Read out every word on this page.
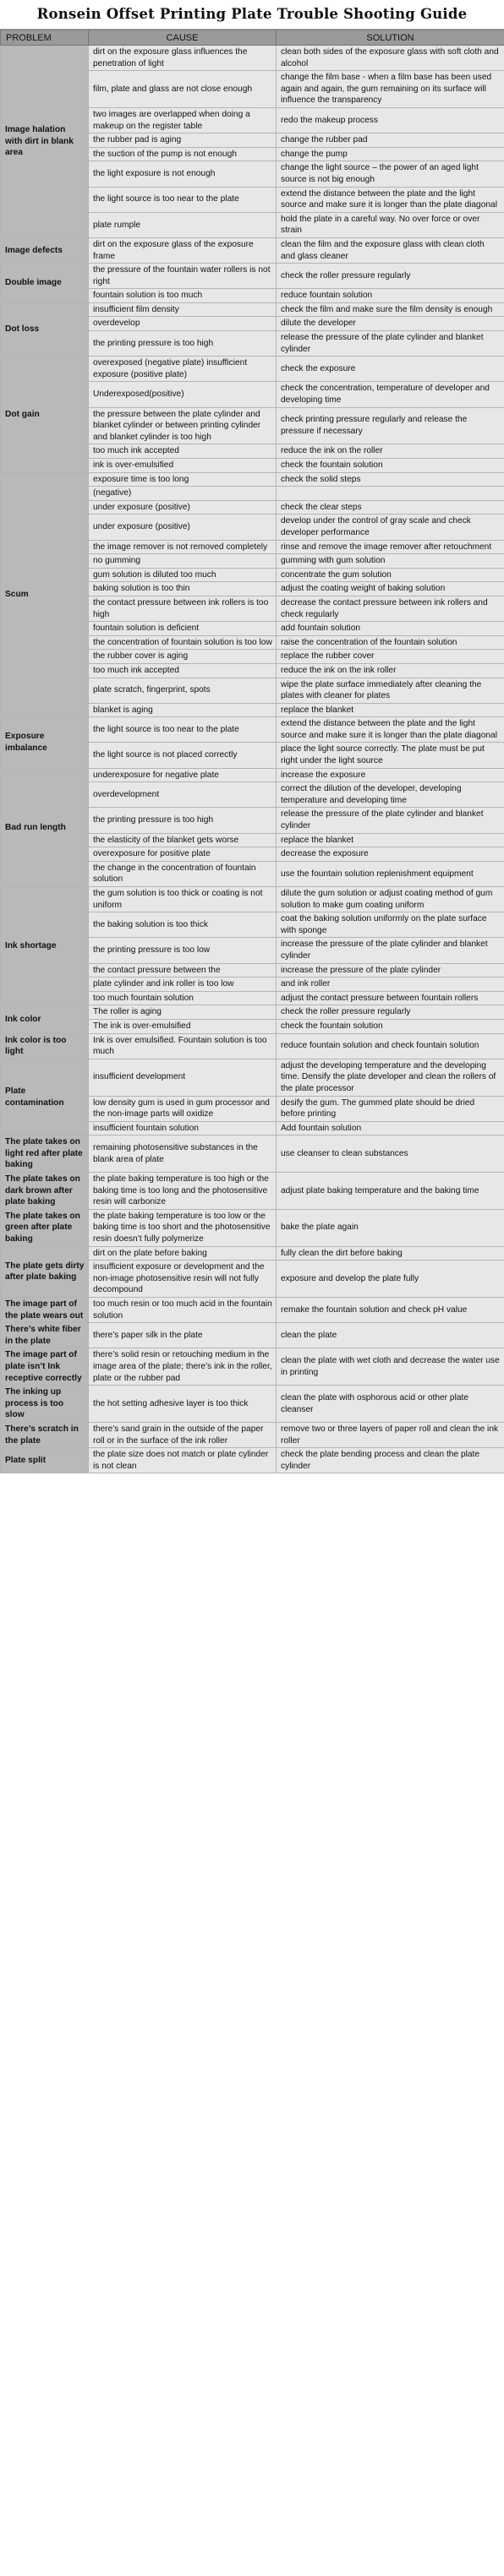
Ronsein Offset Printing Plate Trouble Shooting Guide
PROBLEM	CAUSE	SOLUTION
Image halation with dirt in blank area	dirt on the exposure glass influences the penetration of light	clean both sides of the exposure glass with soft cloth and alcohol
	film, plate and glass are not close enough	change the film base - when a film base has been used again and again, the gum remaining on its surface will influence the transparency
	two images are overlapped when doing a makeup on the register table	redo the makeup process
	the rubber pad is aging	change the rubber pad
	the suction of the pump is not enough	change the pump
	the light exposure is not enough	change the light source – the power of an aged light source is not big enough
	the light source is too near to the plate	extend the distance between the plate and the light source and make sure it is longer than the plate diagonal
	plate rumple	hold the plate in a careful way. No over force or over strain
Image defects	dirt on the exposure glass of the exposure frame	clean the film and the exposure glass with clean cloth and glass cleaner
Double image	the pressure of the fountain water rollers is not right	check the roller pressure regularly
	fountain solution is too much	reduce fountain solution
Dot loss	insufficient film density	check the film and make sure the film density is enough
	overdevelop	dilute the developer
	the printing pressure is too high	release the pressure of the plate cylinder and blanket cylinder
Dot gain	overexposed (negative plate) insufficient exposure (positive plate)	check the exposure
	Underexposed(positive)	check the concentration, temperature of developer and developing time
	the pressure between the plate cylinder and blanket cylinder or between printing cylinder and blanket cylinder is too high	check printing pressure regularly and release the pressure if necessary
	too much ink accepted	reduce the ink on the roller
	ink is over-emulsified	check the fountain solution
Scum	exposure time is too long	check the solid steps
	(negative)	
	under exposure (positive)	check the clear steps
	under exposure (positive)	develop under the control of gray scale and check developer performance
	the image remover is not removed completely	rinse and remove the image remover after retouchment
	no gumming	gumming with gum solution
	gum solution is diluted too much	concentrate the gum solution
	baking solution is too thin	adjust the coating weight of baking solution
	the contact pressure between ink rollers is too high	decrease the contact pressure between ink rollers and check regularly
	fountain solution is deficient	add fountain solution
	the concentration of fountain solution is too low	raise the concentration of the fountain solution
	the rubber cover is aging	replace the rubber cover
	too much ink accepted	reduce the ink on the ink roller
	plate scratch, fingerprint, spots	wipe the plate surface immediately after cleaning the plates with cleaner for plates
	blanket is aging	replace the blanket
Exposure imbalance	the light source is too near to the plate	extend the distance between the plate and the light source and make sure it is longer than the plate diagonal
	the light source is not placed correctly	place the light source correctly. The plate must be put right under the light source
Bad run length	underexposure for negative plate	increase the exposure
	overdevelopment	correct the dilution of the developer, developing temperature and developing time
	the printing pressure is too high	release the pressure of the plate cylinder and blanket cylinder
	the elasticity of the blanket gets worse	replace the blanket
	overexposure for positive plate	decrease the exposure
	the change in the concentration of fountain solution	use the fountain solution replenishment equipment
Ink shortage	the gum solution is too thick or coating is not uniform	dilute the gum solution or adjust coating method of gum solution to make gum coating uniform
	the baking solution is too thick	coat the baking solution uniformly on the plate surface with sponge
	the printing pressure is too low	increase the pressure of the plate cylinder and blanket cylinder
	the contact pressure between the	increase the pressure of the plate cylinder
	plate cylinder and ink roller is too low	and ink roller
	too much fountain solution	adjust the contact pressure between fountain rollers
Ink color	The roller is aging	check the roller pressure regularly
	The ink is over-emulsified	check the fountain solution
Ink color is too light	Ink is over emulsified. Fountain solution is too much	reduce fountain solution and check fountain solution
Plate contamination	insufficient development	adjust the developing temperature and the developing time. Densify the plate developer and clean the rollers of the plate processor
	low density gum is used in gum processor and the non-image parts will oxidize	desify the gum. The gummed plate should be dried before printing
	insufficient fountain solution	Add fountain solution
The plate takes on light red after plate baking	remaining photosensitive substances in the blank area of plate	use cleanser to clean substances
The plate takes on dark brown after plate baking	the plate baking temperature is too high or the baking time is too long and the photosensitive resin will carbonize	adjust plate baking temperature and the baking time
The plate takes on green after plate baking	the plate baking temperature is too low or the baking time is too short and the photosensitive resin doesn’t fully polymerize	bake the plate again
The plate gets dirty after plate baking	dirt on the plate before baking	fully clean the dirt before baking
	insufficient exposure or development and the non-image photosensitive resin will not fully decompound	exposure and develop the plate fully
The image part of the plate wears out	too much resin or too much acid in the fountain solution	remake the fountain solution and check pH value
There’s white fiber in the plate	there’s paper silk in the plate	clean the plate
The image part of plate isn’t Ink receptive correctly	there’s solid resin or retouching medium in the image area of the plate; there’s ink in the roller, plate or the rubber pad	clean the plate with wet cloth and decrease the water use in printing
The inking up process is too slow	the hot setting adhesive layer is too thick	clean the plate with osphorous acid or other plate cleanser
There’s scratch in the plate	there’s sand grain in the outside of the paper roll or in the surface of the ink roller	remove two or three layers of paper roll and clean the ink roller
Plate split	the plate size does not match or plate cylinder is not clean	check the plate bending process and clean the plate cylinder
